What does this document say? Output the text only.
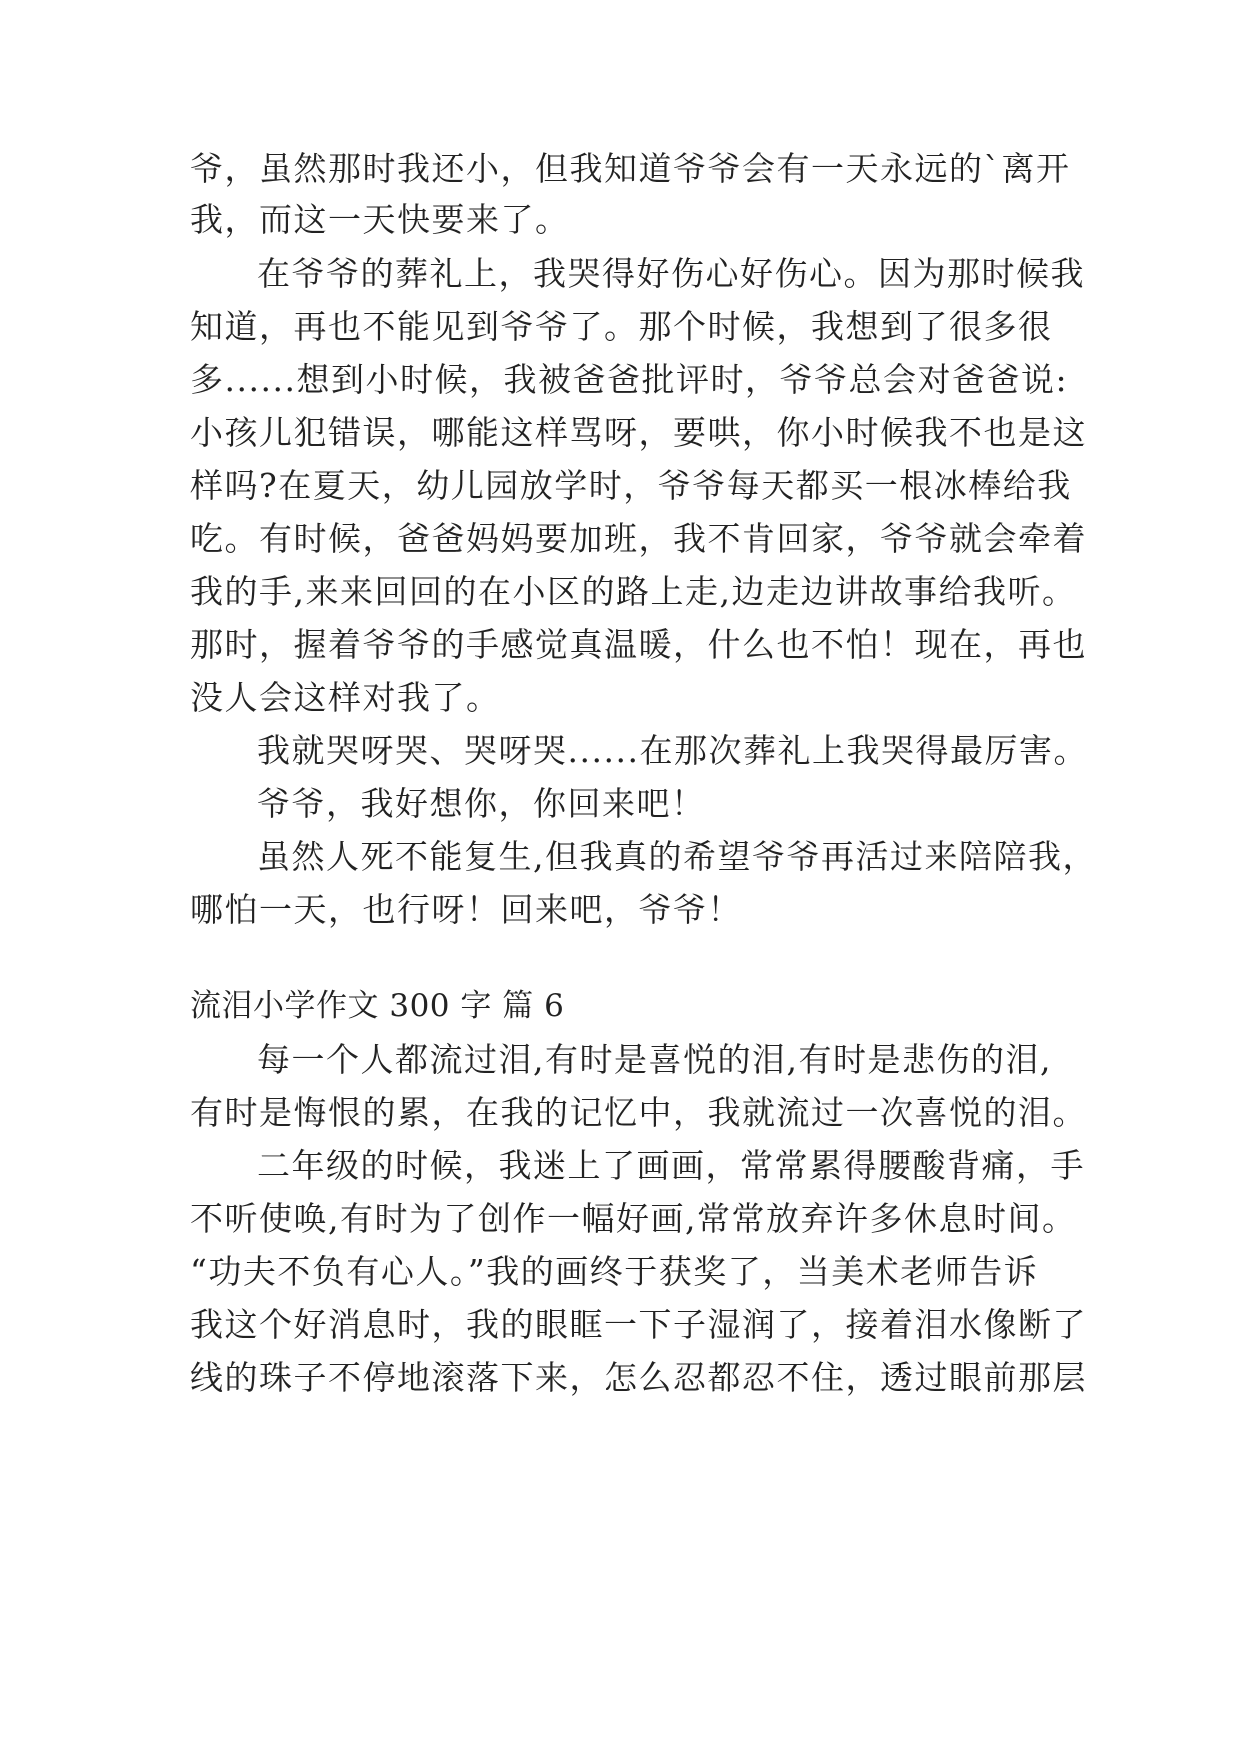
爷，虽然那时我还小，但我知道爷爷会有一天永远的`离开
我，而这一天快要来了。
在爷爷的葬礼上，我哭得好伤心好伤心。因为那时候我
知道，再也不能见到爷爷了。那个时候，我想到了很多很
多......想到小时候，我被爸爸批评时，爷爷总会对爸爸说:
小孩儿犯错误，哪能这样骂呀，要哄，你小时候我不也是这
样吗?在夏天，幼儿园放学时，爷爷每天都买一根冰棒给我
吃。有时候，爸爸妈妈要加班，我不肯回家，爷爷就会牵着
我的手,来来回回的在小区的路上走,边走边讲故事给我听。
那时，握着爷爷的手感觉真温暖，什么也不怕！现在，再也
没人会这样对我了。
我就哭呀哭、哭呀哭......在那次葬礼上我哭得最厉害。
爷爷，我好想你，你回来吧！
虽然人死不能复生,但我真的希望爷爷再活过来陪陪我，
哪怕一天，也行呀！回来吧，爷爷！
流泪小学作文 300 字 篇 6
每一个人都流过泪,有时是喜悦的泪,有时是悲伤的泪,
有时是悔恨的累，在我的记忆中，我就流过一次喜悦的泪。
二年级的时候，我迷上了画画，常常累得腰酸背痛，手
不听使唤,有时为了创作一幅好画,常常放弃许多休息时间。
“功夫不负有心人。”我的画终于获奖了，当美术老师告诉
我这个好消息时，我的眼眶一下子湿润了，接着泪水像断了
线的珠子不停地滚落下来，怎么忍都忍不住，透过眼前那层
